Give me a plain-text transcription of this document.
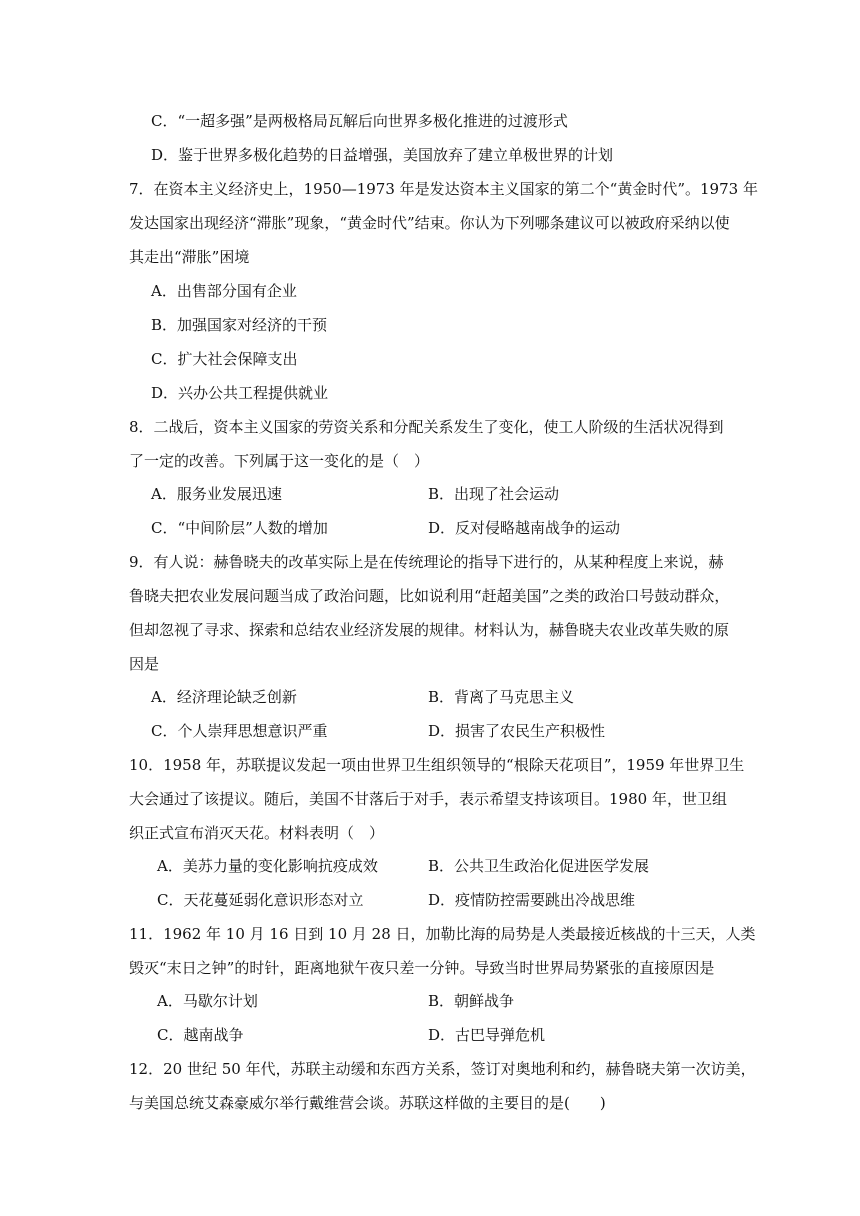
C．“一超多强”是两极格局瓦解后向世界多极化推进的过渡形式
D．鉴于世界多极化趋势的日益增强，美国放弃了建立单极世界的计划
7．在资本主义经济史上，1950—1973 年是发达资本主义国家的第二个“黄金时代”。1973 年
发达国家出现经济“滞胀”现象，“黄金时代”结束。你认为下列哪条建议可以被政府采纳以使
其走出“滞胀”困境
A．出售部分国有企业
B．加强国家对经济的干预
C．扩大社会保障支出
D．兴办公共工程提供就业
8．二战后，资本主义国家的劳资关系和分配关系发生了变化，使工人阶级的生活状况得到
了一定的改善。下列属于这一变化的是（　）
A．服务业发展迅速	B．出现了社会运动
C．“中间阶层”人数的增加	D．反对侵略越南战争的运动
9．有人说：赫鲁晓夫的改革实际上是在传统理论的指导下进行的，从某种程度上来说，赫
鲁晓夫把农业发展问题当成了政治问题，比如说利用“赶超美国”之类的政治口号鼓动群众，
但却忽视了寻求、探索和总结农业经济发展的规律。材料认为，赫鲁晓夫农业改革失败的原
因是
A．经济理论缺乏创新	B．背离了马克思主义
C．个人崇拜思想意识严重	D．损害了农民生产积极性
10．1958 年，苏联提议发起一项由世界卫生组织领导的“根除天花项目”，1959 年世界卫生
大会通过了该提议。随后，美国不甘落后于对手，表示希望支持该项目。1980 年，世卫组
织正式宣布消灭天花。材料表明（　）
A．美苏力量的变化影响抗疫成效	B．公共卫生政治化促进医学发展
C．天花蔓延弱化意识形态对立	D．疫情防控需要跳出冷战思维
11．1962 年 10 月 16 日到 10 月 28 日，加勒比海的局势是人类最接近核战的十三天，人类
毁灭“末日之钟”的时针，距离地狱午夜只差一分钟。导致当时世界局势紧张的直接原因是
A．马歇尔计划	B．朝鲜战争
C．越南战争	D．古巴导弹危机
12．20 世纪 50 年代，苏联主动缓和东西方关系，签订对奥地利和约，赫鲁晓夫第一次访美，
与美国总统艾森豪威尔举行戴维营会谈。苏联这样做的主要目的是(　　)
